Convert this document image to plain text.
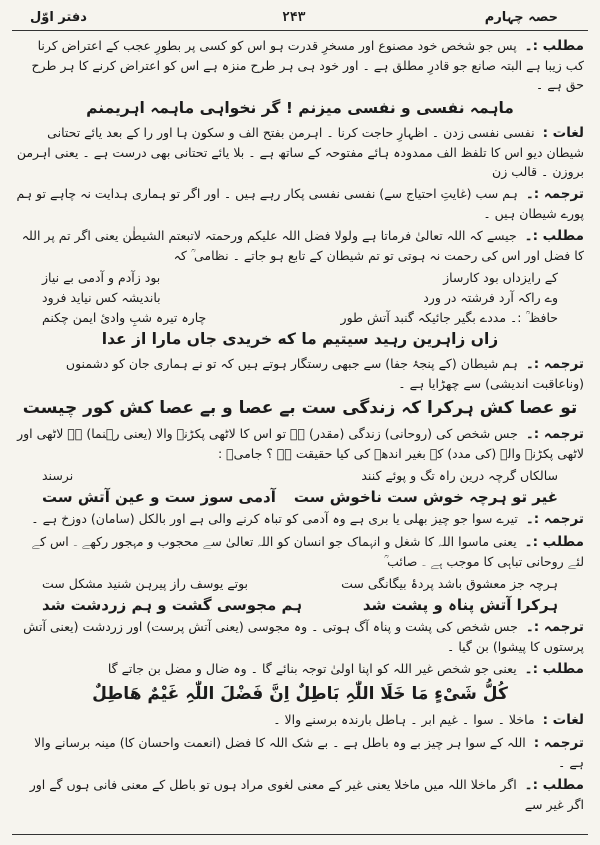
دفتر اوّل	۲۴۳	حصہ چہارم
مطلب :۔ پس جو شخص خود مصنوع اور مسخرِ قدرت ہو اس کو کسی پر بطورِ عجب کے اعتراض کرنا کب زیبا ہے البتہ صانع جو قادرِ مطلق ہے ۔ اور خود ہی ہر طرح منزہ ہے اس کو اعتراض کرنے کا ہر طرح حق ہے ۔
ماہمہ نفسی و نفسی میزنم ! گر نخواہی ماہمہ اہریمنم
لغات : نفسی نفسی زدن ۔ اظہارِ حاجت کرنا ۔ اہرمن بفتح الف و سکون ہا اور را کے بعد یائے تحتانی شیطان دیو اس کا تلفظ الف ممدودہ ہائے مفتوحہ کے ساتھ ہے ۔ بلا یائے تحتانی بھی درست ہے ۔ یعنی اہرمن بروزن ۔ قالب زن
ترجمہ :۔ ہم سب (غایتِ احتیاج سے) نفسی نفسی پکار رہے ہیں ۔ اور اگر تو ہماری ہدایت نہ چاہے تو ہم پورے شیطان ہیں ۔
مطلب :۔ جیسے کہ اللہ تعالیٰ فرماتا ہے ولولا فضل اللہ علیکم ورحمتہ لاتبعتم الشیطٰن یعنی اگر تم پر اللہ کا فضل اور اس کی رحمت نہ ہوتی تو تم شیطان کے تابع ہو جاتے ۔ نظامی ؒ کہ
کے رایزداں بود کارساز
بود زآدم و آدمی بے نیاز
وے راکہ آرد فرشتہ در ورد
باندیشہ کس نیاید فرود
حافظ ؒ :۔ مددے بگیر جائیکہ گنبد آتش طور
چارہ تیرہ شبِ وادیٔ ایمن چکنم
زاں زاہرین رہید سیتیم ما که خریدی جاں مارا از عدا
ترجمہ :۔ ہم شیطان (کے پنجۂ جفا) سے جبھی رستگار ہوتے ہیں کہ تو نے ہماری جان کو دشمنوں (وناعاقبت اندیشی) سے چھڑایا ہے ۔
تو عصا کش ہرکرا کہ زندگی ست بے عصا و بے عصا کش کور چیست
ترجمہ :۔ جس شخص کی (روحانی) زندگی (مقدر) ہے تو اس کا لاٹھی پکڑنے والا (یعنی رہنما) ہے لاٹھی اور لاٹھی پکڑنے والے (کی مدد) کے بغیر اندھے کی کیا حقیقت ہے ؟ جامیؒ :
سالکاں گرچہ درین راہ تگ و پوئے کنند
نرسند
غیر تو ہرچہ خوش ست ناخوش ست
آدمی سوز ست و عین آتش ست
ترجمہ :۔ تیرے سوا جو چیز بھلی یا بری ہے وہ آدمی کو تباہ کرنے والی ہے اور بالکل (سامان) دوزخ ہے ۔
مطلب :۔ یعنی ماسوا اللہ کا شغل و انہماک جو انسان کو اللہ تعالیٰ سے محجوب و مہجور رکھے ۔ اس کے لئے روحانی تباہی کا موجب ہے ۔ صائب ؒ
ہرچہ جز معشوق باشد پردۂ بیگانگی ست
بوتے یوسف راز پیرہن شنید مشکل ست
ہرکرا آتش پناہ و پشت شد
ہم مجوسی گشت و ہم زردشت شد
ترجمہ :۔ جس شخص کی پشت و پناہ آگ ہوتی ۔ وہ مجوسی (یعنی آتش پرست) اور زردشت (یعنی آتش پرستوں کا پیشوا) بن گیا ۔
مطلب :۔ یعنی جو شخص غیر اللہ کو اپنا اولیٰ توجہ بنائے گا ۔ وہ ضال و مضل بن جاتے گا
کُلُّ شَیْءٍ مَا خَلَا اللّٰہِ بَاطِلٌ اِنَّ فَضْلَ اللّٰہِ غَیْمٌ ھَاطِلٌ
لغات : ماخلا ۔ سوا ۔ غیم ابر ۔ ہاطل بارندہ برسنے والا ۔
ترجمہ : اللہ کے سوا ہر چیز بے وہ باطل ہے ۔ بے شک اللہ کا فضل (انعمت واحسان کا) مینہ برسانے والا ہے ۔
مطلب :۔ اگر ماخلا اللہ میں ماخلا یعنی غیر کے معنی لغوی مراد ہوں تو باطل کے معنی فانی ہوں گے اور اگر غیر سے
